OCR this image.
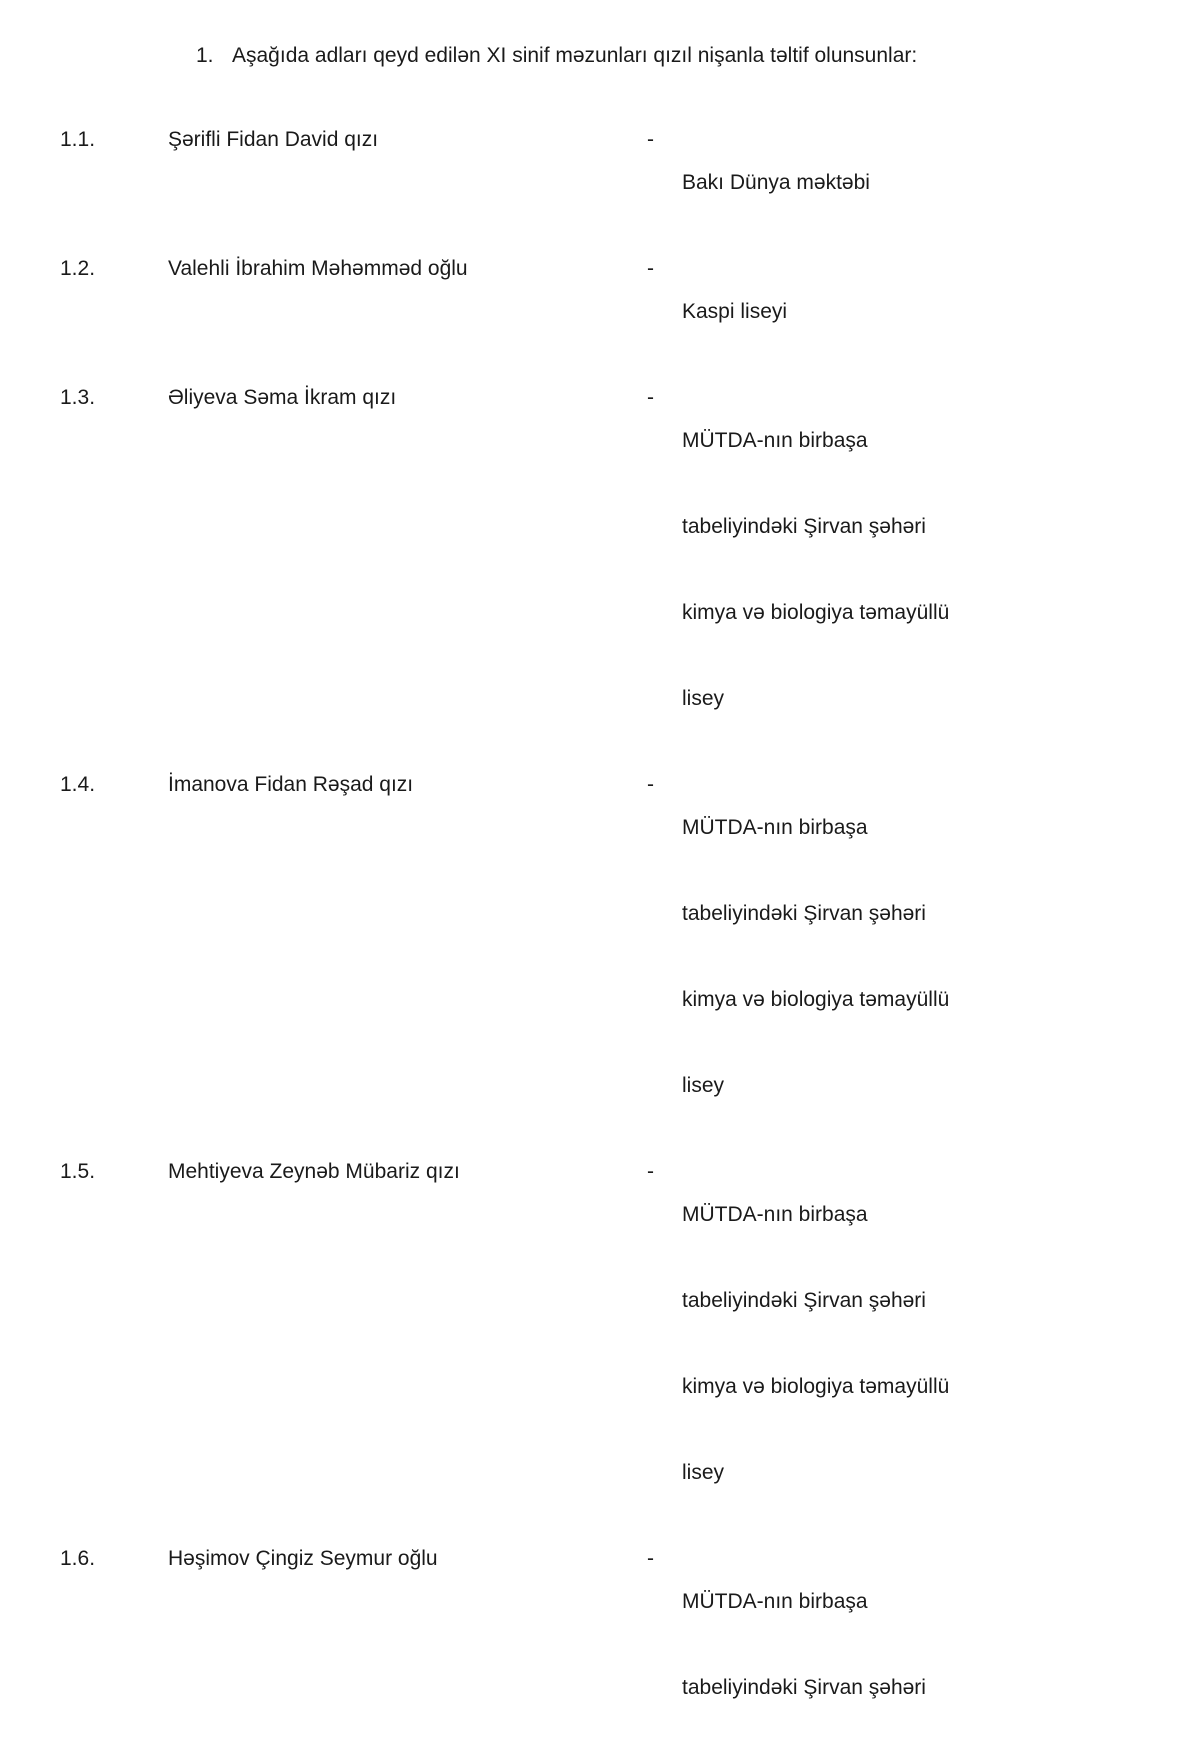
1. Aşağıda adları qeyd edilən XI sinif məzunları qızıl nişanla təltif olunsunlar:
1.1.	Şərifli Fidan David qızı	-

Bakı Dünya məktəbi

1.2.	Valehli İbrahim Məhəmməd oğlu	-

Kaspi liseyi

1.3.	Əliyeva Səma İkram qızı	-

MÜTDA-nın birbaşa

tabeliyindəki Şirvan şəhəri

kimya və biologiya təmayüllü

lisey

1.4.	İmanova Fidan Rəşad qızı	-

MÜTDA-nın birbaşa

tabeliyindəki Şirvan şəhəri

kimya və biologiya təmayüllü

lisey

1.5.	Mehtiyeva Zeynəb Mübariz qızı	-

MÜTDA-nın birbaşa

tabeliyindəki Şirvan şəhəri

kimya və biologiya təmayüllü

lisey

1.6.	Həşimov Çingiz Seymur oğlu	-

MÜTDA-nın birbaşa

tabeliyindəki Şirvan şəhəri
